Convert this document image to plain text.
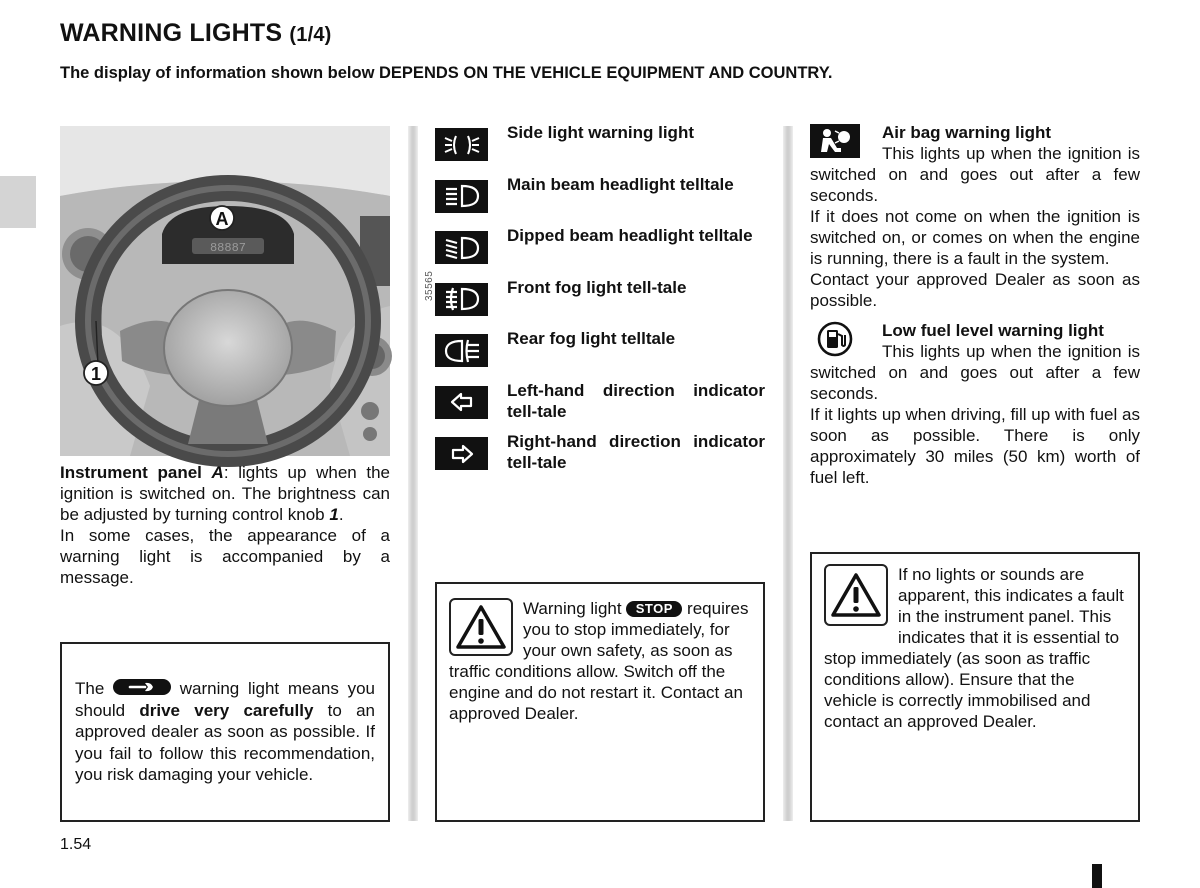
WARNING LIGHTS (1/4)
The display of information shown below DEPENDS ON THE VEHICLE EQUIPMENT AND COUNTRY.
88887
A
1
35565

Instrument panel A: lights up when the ignition is switched on. The brightness can be adjusted by turning control knob 1.

In some cases, the appearance of a warning light is accompanied by a message.

The	warning light means you should drive very carefully to an approved dealer as soon as possible. If you fail to follow this recommendation, you risk damaging your vehicle.
Side light warning light
Main beam headlight telltale
Dipped beam headlight telltale
Front fog light tell-tale
Rear fog light telltale
Left-hand direction indicator tell-tale
Right-hand direction indicator tell-tale
Warning light STOP requires you to stop immediately, for your own safety, as soon as traffic conditions allow. Switch off the engine and do not restart it. Contact an approved Dealer.
Air bag warning light

This lights up when the ignition is switched on and goes out after a few seconds.

If it does not come on when the ignition is switched on, or comes on when the engine is running, there is a fault in the system.

Contact your approved Dealer as soon as possible.

Low fuel level warning light

This lights up when the ignition is switched on and goes out after a few seconds.

If it lights up when driving, fill up with fuel as soon as possible. There is only approximately 30 miles (50 km) worth of fuel left.

If no lights or sounds are apparent, this indicates a fault in the instrument panel. This indicates that it is essential to stop immediately (as soon as traffic conditions allow). Ensure that the vehicle is correctly immobilised and contact an approved Dealer.
1.54
